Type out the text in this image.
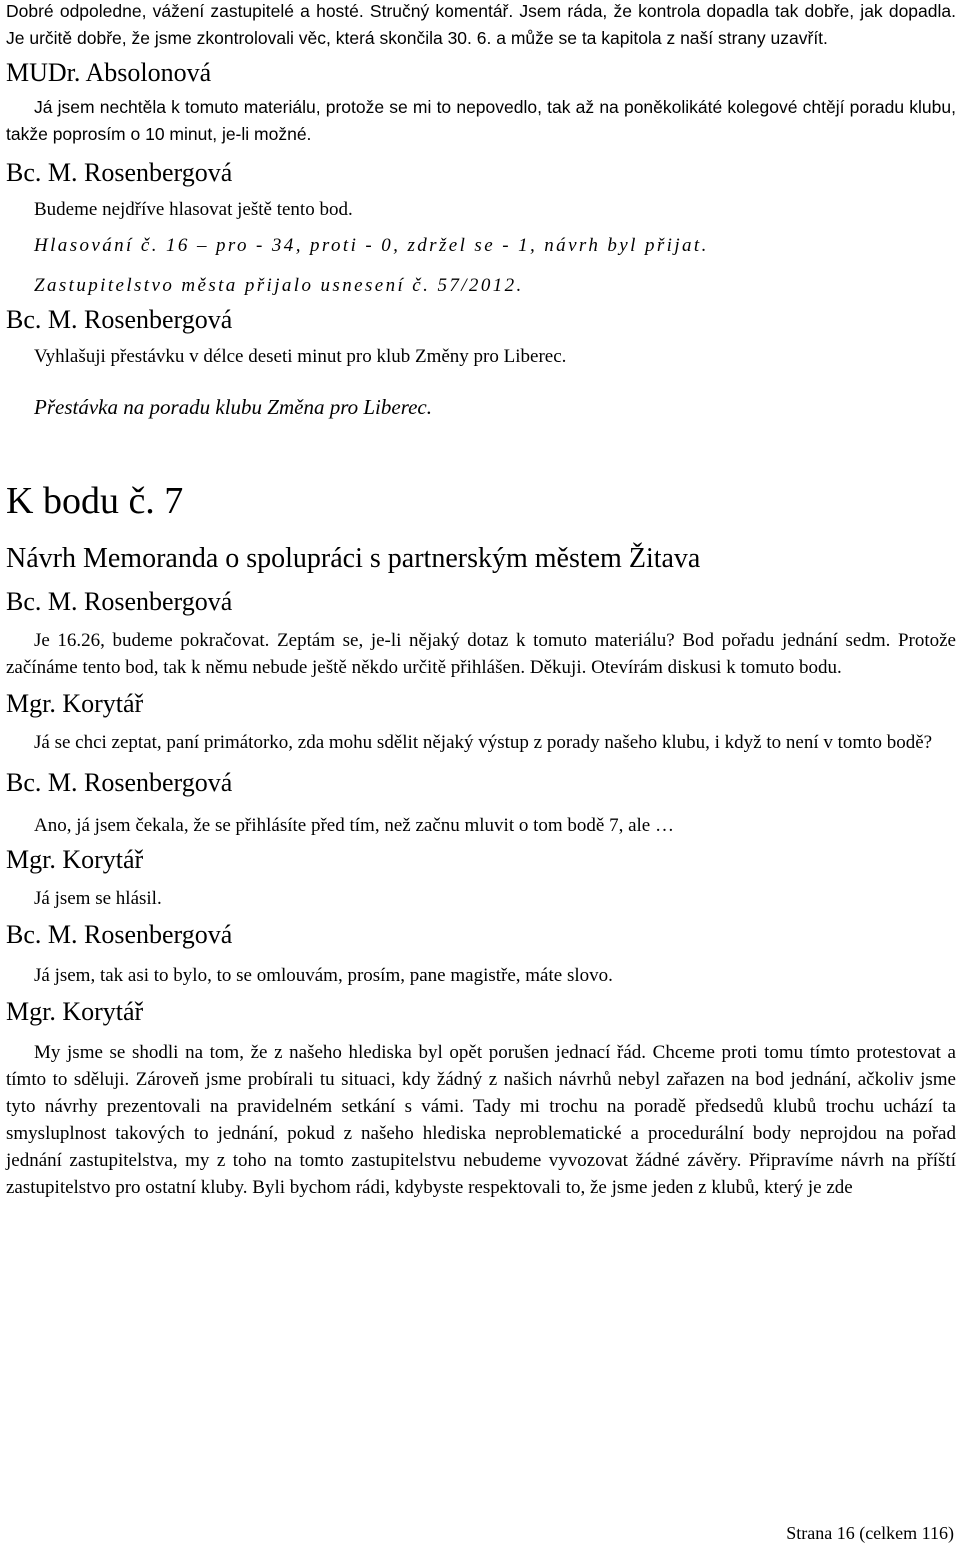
Dobré odpoledne, vážení zastupitelé a hosté. Stručný komentář. Jsem ráda, že kontrola dopadla tak dobře, jak dopadla. Je určitě dobře, že jsme zkontrolovali věc, která skončila 30. 6. a může se ta kapitola z naší strany uzavřít.

MUDr. Absolonová

Já jsem nechtěla k tomuto materiálu, protože se mi to nepovedlo, tak až na poněkolikáté kolegové chtějí poradu klubu, takže poprosím o 10 minut, je-li možné.

Bc. M. Rosenbergová

Budeme nejdříve hlasovat ještě tento bod.

Hlasování č. 16 – pro - 34, proti - 0, zdržel se - 1, návrh byl přijat.

Zastupitelstvo města přijalo usnesení č. 57/2012.

Bc. M. Rosenbergová

Vyhlašuji přestávku v délce deseti minut pro klub Změny pro Liberec.

Přestávka na poradu klubu Změna pro Liberec.

K bodu č. 7

Návrh Memoranda o spolupráci s partnerským městem Žitava

Bc. M. Rosenbergová

Je 16.26, budeme pokračovat. Zeptám se, je-li nějaký dotaz k tomuto materiálu? Bod pořadu jednání sedm. Protože začínáme tento bod, tak k němu nebude ještě někdo určitě přihlášen. Děkuji. Otevírám diskusi k tomuto bodu.

Mgr. Korytář

Já se chci zeptat, paní primátorko, zda mohu sdělit nějaký výstup z porady našeho klubu, i když to není v tomto bodě?

Bc. M. Rosenbergová

Ano, já jsem čekala, že se přihlásíte před tím, než začnu mluvit o tom bodě 7, ale …

Mgr. Korytář

Já jsem se hlásil.

Bc. M. Rosenbergová

Já jsem, tak asi to bylo, to se omlouvám, prosím, pane magistře, máte slovo.

Mgr. Korytář

My jsme se shodli na tom, že z našeho hlediska byl opět porušen jednací řád. Chceme proti tomu tímto protestovat a tímto to sděluji. Zároveň jsme probírali tu situaci, kdy žádný z našich návrhů nebyl zařazen na bod jednání, ačkoliv jsme tyto návrhy prezentovali na pravidelném setkání s vámi. Tady mi trochu na poradě předsedů klubů trochu uchází ta smysluplnost takových to jednání, pokud z našeho hlediska neproblematické a procedurální body neprojdou na pořad jednání zastupitelstva, my z toho na tomto zastupitelstvu nebudeme vyvozovat žádné závěry. Připravíme návrh na příští zastupitelstvo pro ostatní kluby. Byli bychom rádi, kdybyste respektovali to, že jsme jeden z klubů, který je zde

Strana 16 (celkem 116)
